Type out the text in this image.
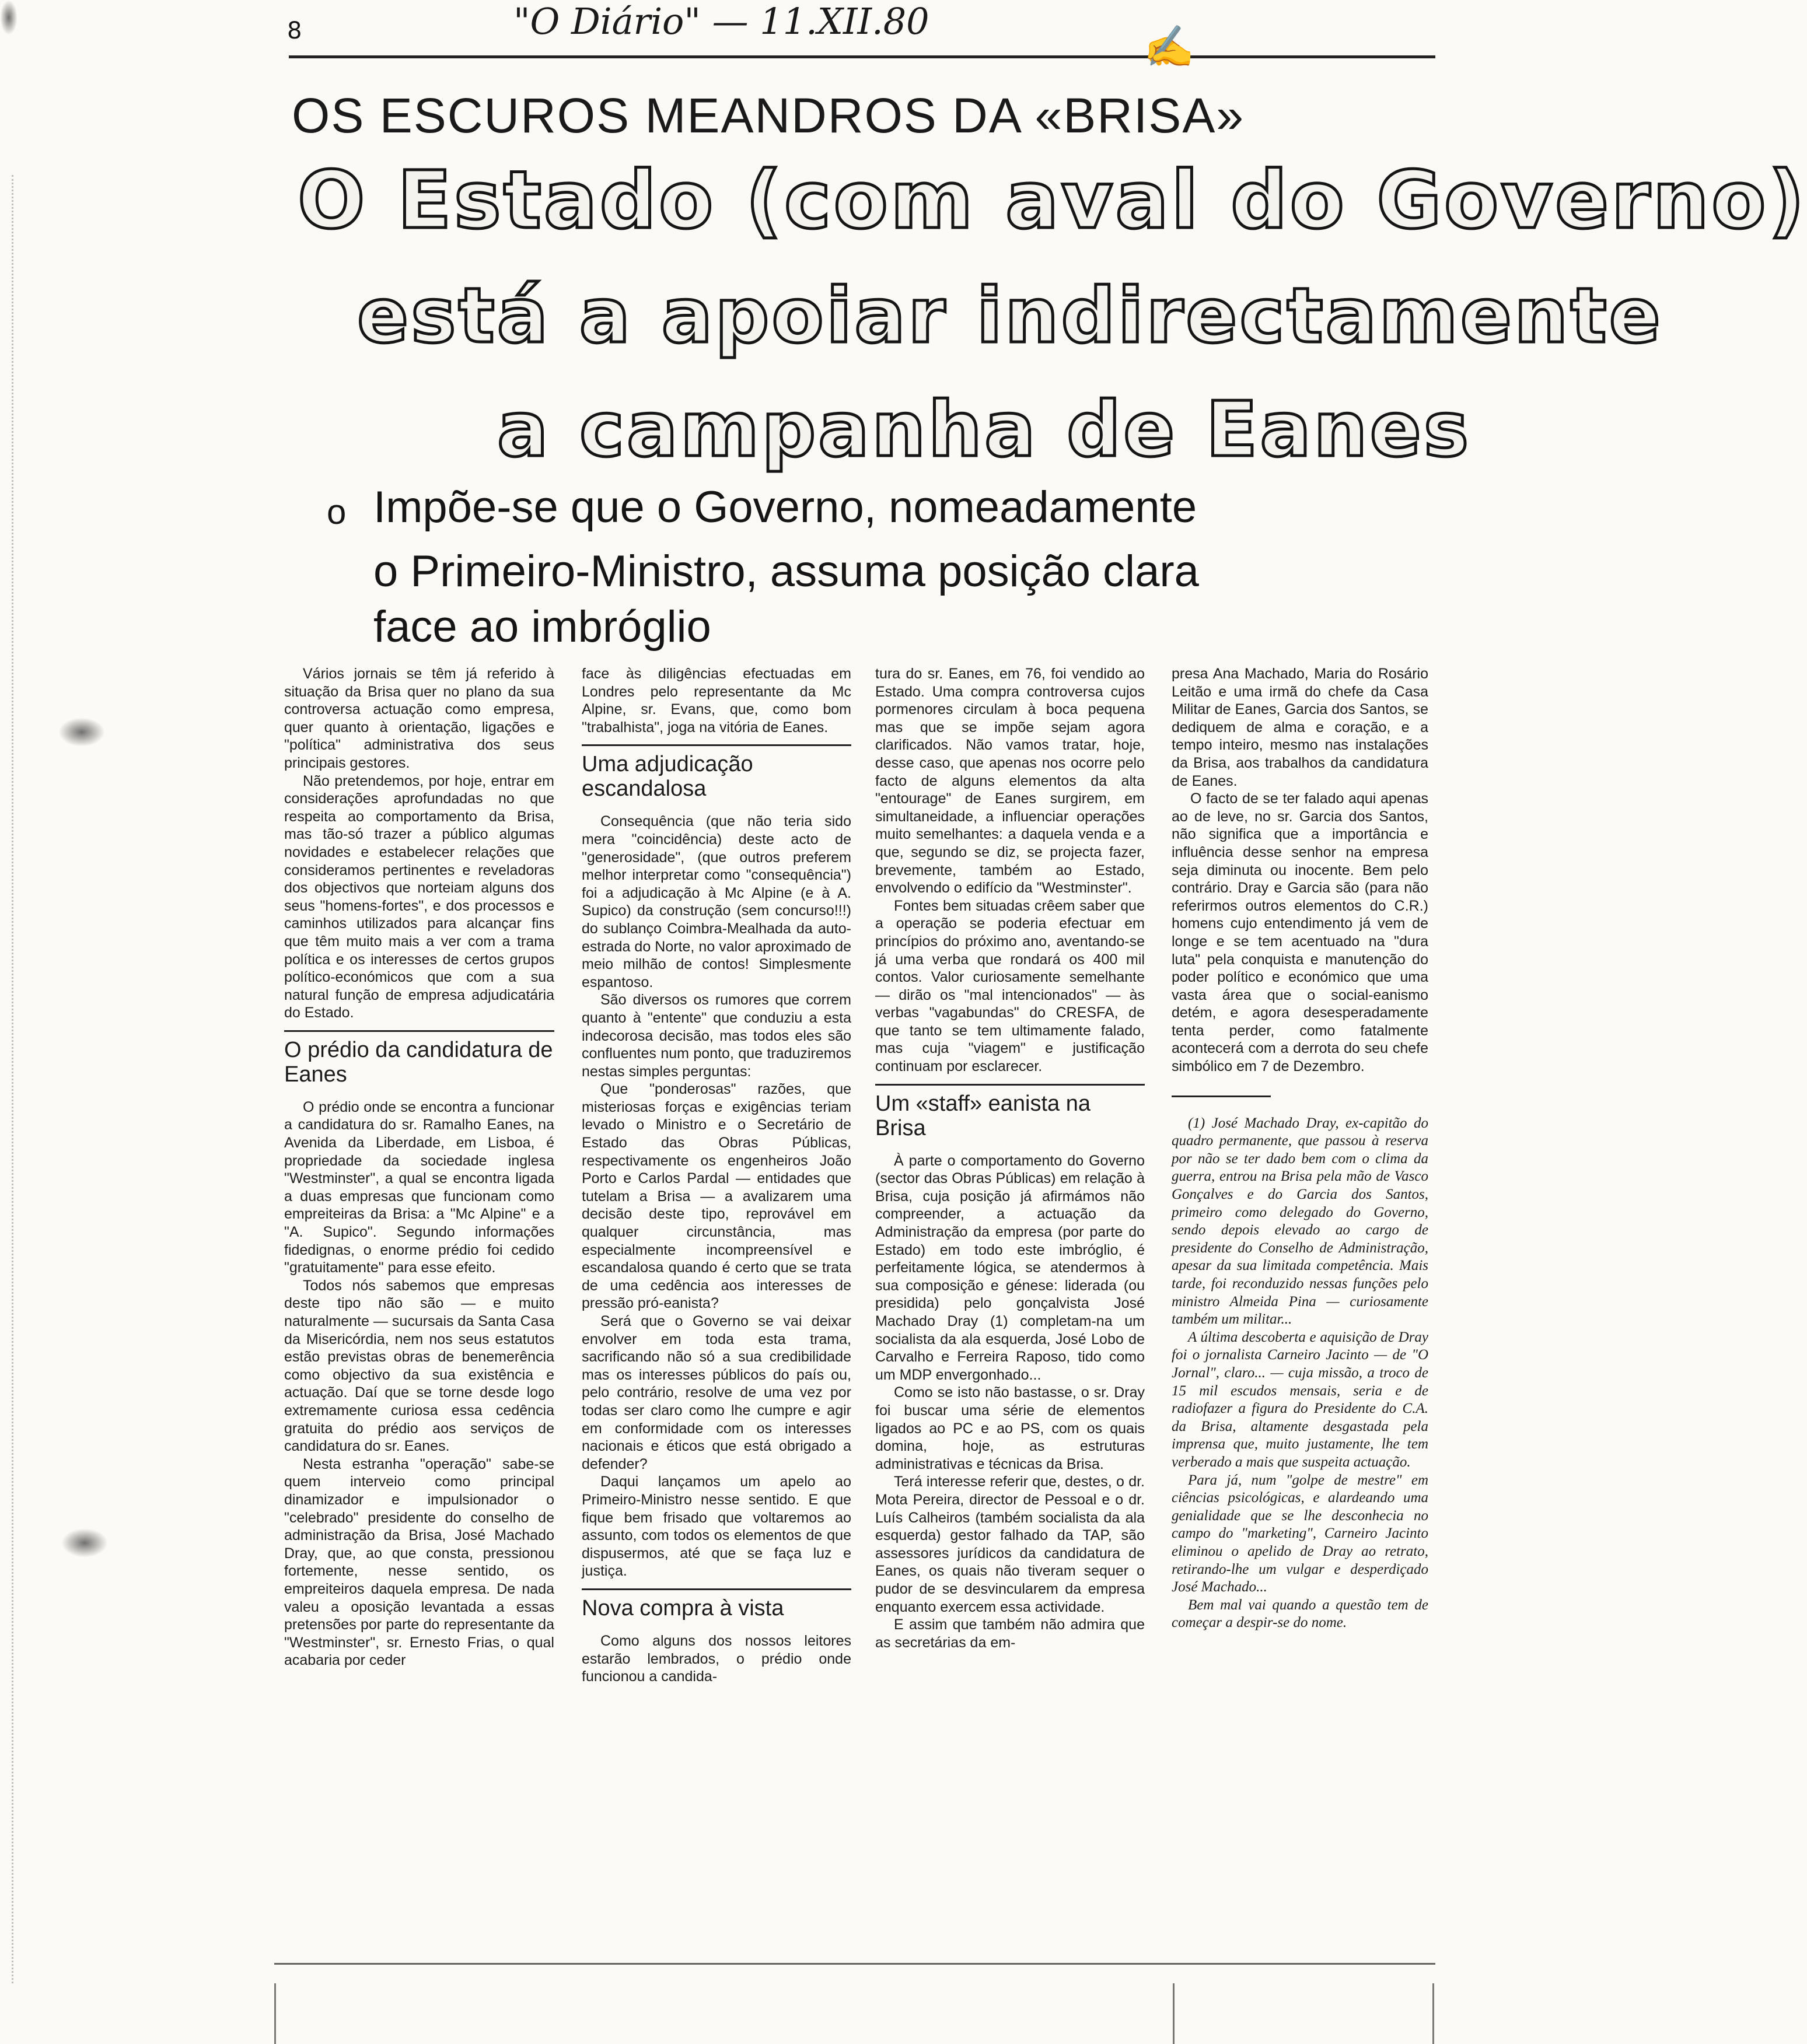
8	"O Diário" — 11.XII.80
✍
OS ESCUROS MEANDROS DA «BRISA»
O Estado (com aval do Governo)
está a apoiar indirectamente
a campanha de Eanes
o Impõe-se que o Governo, nomeadamente
o Primeiro-Ministro, assuma posição clara
face ao imbróglio

Vários jornais se têm já referido à situação da Brisa quer no plano da sua controversa actuação como empresa, quer quanto à orientação, ligações e "política" administrativa dos seus principais gestores.

Não pretendemos, por hoje, entrar em considerações aprofundadas no que respeita ao comportamento da Brisa, mas tão-só trazer a público algumas novidades e estabelecer relações que consideramos pertinentes e reveladoras dos objectivos que norteiam alguns dos seus "homens-fortes", e dos processos e caminhos utilizados para alcançar fins que têm muito mais a ver com a trama política e os interesses de certos grupos político-económicos que com a sua natural função de empresa adjudicatária do Estado.

O prédio da candidatura de Eanes

O prédio onde se encontra a funcionar a candidatura do sr. Ramalho Eanes, na Avenida da Liberdade, em Lisboa, é propriedade da sociedade inglesa "Westminster", a qual se encontra ligada a duas empresas que funcionam como empreiteiras da Brisa: a "Mc Alpine" e a "A. Supico". Segundo informações fidedignas, o enorme prédio foi cedido "gratuitamente" para esse efeito.

Todos nós sabemos que empresas deste tipo não são — e muito naturalmente — sucursais da Santa Casa da Misericórdia, nem nos seus estatutos estão previstas obras de benemerência como objectivo da sua existência e actuação. Daí que se torne desde logo extremamente curiosa essa cedência gratuita do prédio aos serviços de candidatura do sr. Eanes.

Nesta estranha "operação" sabe-se quem interveio como principal dinamizador e impulsionador o "celebrado" presidente do conselho de administração da Brisa, José Machado Dray, que, ao que consta, pressionou fortemente, nesse sentido, os empreiteiros daquela empresa. De nada valeu a oposição levantada a essas pretensões por parte do representante da "Westminster", sr. Ernesto Frias, o qual acabaria por ceder

face às diligências efectuadas em Londres pelo representante da Mc Alpine, sr. Evans, que, como bom "trabalhista", joga na vitória de Eanes.

Uma adjudicação escandalosa

Consequência (que não teria sido mera "coincidência) deste acto de "generosidade", (que outros preferem melhor interpretar como "consequência") foi a adjudicação à Mc Alpine (e à A. Supico) da construção (sem concurso!!!) do sublanço Coimbra-Mealhada da auto-estrada do Norte, no valor aproximado de meio milhão de contos! Simplesmente espantoso.

São diversos os rumores que correm quanto à "entente" que conduziu a esta indecorosa decisão, mas todos eles são confluentes num ponto, que traduziremos nestas simples perguntas:

Que "ponderosas" razões, que misteriosas forças e exigências teriam levado o Ministro e o Secretário de Estado das Obras Públicas, respectivamente os engenheiros João Porto e Carlos Pardal — entidades que tutelam a Brisa — a avalizarem uma decisão deste tipo, reprovável em qualquer circunstância, mas especialmente incompreensível e escandalosa quando é certo que se trata de uma cedência aos interesses de pressão pró-eanista?

Será que o Governo se vai deixar envolver em toda esta trama, sacrificando não só a sua credibilidade mas os interesses públicos do país ou, pelo contrário, resolve de uma vez por todas ser claro como lhe cumpre e agir em conformidade com os interesses nacionais e éticos que está obrigado a defender?

Daqui lançamos um apelo ao Primeiro-Ministro nesse sentido. E que fique bem frisado que voltaremos ao assunto, com todos os elementos de que dispusermos, até que se faça luz e justiça.

Nova compra à vista

Como alguns dos nossos leitores estarão lembrados, o prédio onde funcionou a candida-

tura do sr. Eanes, em 76, foi vendido ao Estado. Uma compra controversa cujos pormenores circulam à boca pequena mas que se impõe sejam agora clarificados. Não vamos tratar, hoje, desse caso, que apenas nos ocorre pelo facto de alguns elementos da alta "entourage" de Eanes surgirem, em simultaneidade, a influenciar operações muito semelhantes: a daquela venda e a que, segundo se diz, se projecta fazer, brevemente, também ao Estado, envolvendo o edifício da "Westminster".

Fontes bem situadas crêem saber que a operação se poderia efectuar em princípios do próximo ano, aventando-se já uma verba que rondará os 400 mil contos. Valor curiosamente semelhante — dirão os "mal intencionados" — às verbas "vagabundas" do CRESFA, de que tanto se tem ultimamente falado, mas cuja "viagem" e justificação continuam por esclarecer.

Um «staff» eanista na Brisa

À parte o comportamento do Governo (sector das Obras Públicas) em relação à Brisa, cuja posição já afirmámos não compreender, a actuação da Administração da empresa (por parte do Estado) em todo este imbróglio, é perfeitamente lógica, se atendermos à sua composição e génese: liderada (ou presidida) pelo gonçalvista José Machado Dray (1) completam-na um socialista da ala esquerda, José Lobo de Carvalho e Ferreira Raposo, tido como um MDP envergonhado...

Como se isto não bastasse, o sr. Dray foi buscar uma série de elementos ligados ao PC e ao PS, com os quais domina, hoje, as estruturas administrativas e técnicas da Brisa.

Terá interesse referir que, destes, o dr. Mota Pereira, director de Pessoal e o dr. Luís Calheiros (também socialista da ala esquerda) gestor falhado da TAP, são assessores jurídicos da candidatura de Eanes, os quais não tiveram sequer o pudor de se desvincularem da empresa enquanto exercem essa actividade.

E assim que também não admira que as secretárias da em-

presa Ana Machado, Maria do Rosário Leitão e uma irmã do chefe da Casa Militar de Eanes, Garcia dos Santos, se dediquem de alma e coração, e a tempo inteiro, mesmo nas instalações da Brisa, aos trabalhos da candidatura de Eanes.

O facto de se ter falado aqui apenas ao de leve, no sr. Garcia dos Santos, não significa que a importância e influência desse senhor na empresa seja diminuta ou inocente. Bem pelo contrário. Dray e Garcia são (para não referirmos outros elementos do C.R.) homens cujo entendimento já vem de longe e se tem acentuado na "dura luta" pela conquista e manutenção do poder político e económico que uma vasta área que o social-eanismo detém, e agora desesperadamente tenta perder, como fatalmente acontecerá com a derrota do seu chefe simbólico em 7 de Dezembro.

(1) José Machado Dray, ex-capitão do quadro permanente, que passou à reserva por não se ter dado bem com o clima da guerra, entrou na Brisa pela mão de Vasco Gonçalves e do Garcia dos Santos, primeiro como delegado do Governo, sendo depois elevado ao cargo de presidente do Conselho de Administração, apesar da sua limitada competência. Mais tarde, foi reconduzido nessas funções pelo ministro Almeida Pina — curiosamente também um militar...

A última descoberta e aquisição de Dray foi o jornalista Carneiro Jacinto — de "O Jornal", claro... — cuja missão, a troco de 15 mil escudos mensais, seria e de radiofazer a figura do Presidente do C.A. da Brisa, altamente desgastada pela imprensa que, muito justamente, lhe tem verberado a mais que suspeita actuação.

Para já, num "golpe de mestre" em ciências psicológicas, e alardeando uma genialidade que se lhe desconhecia no campo do "marketing", Carneiro Jacinto eliminou o apelido de Dray ao retrato, retirando-lhe um vulgar e desperdiçado José Machado...

Bem mal vai quando a questão tem de começar a despir-se do nome.
